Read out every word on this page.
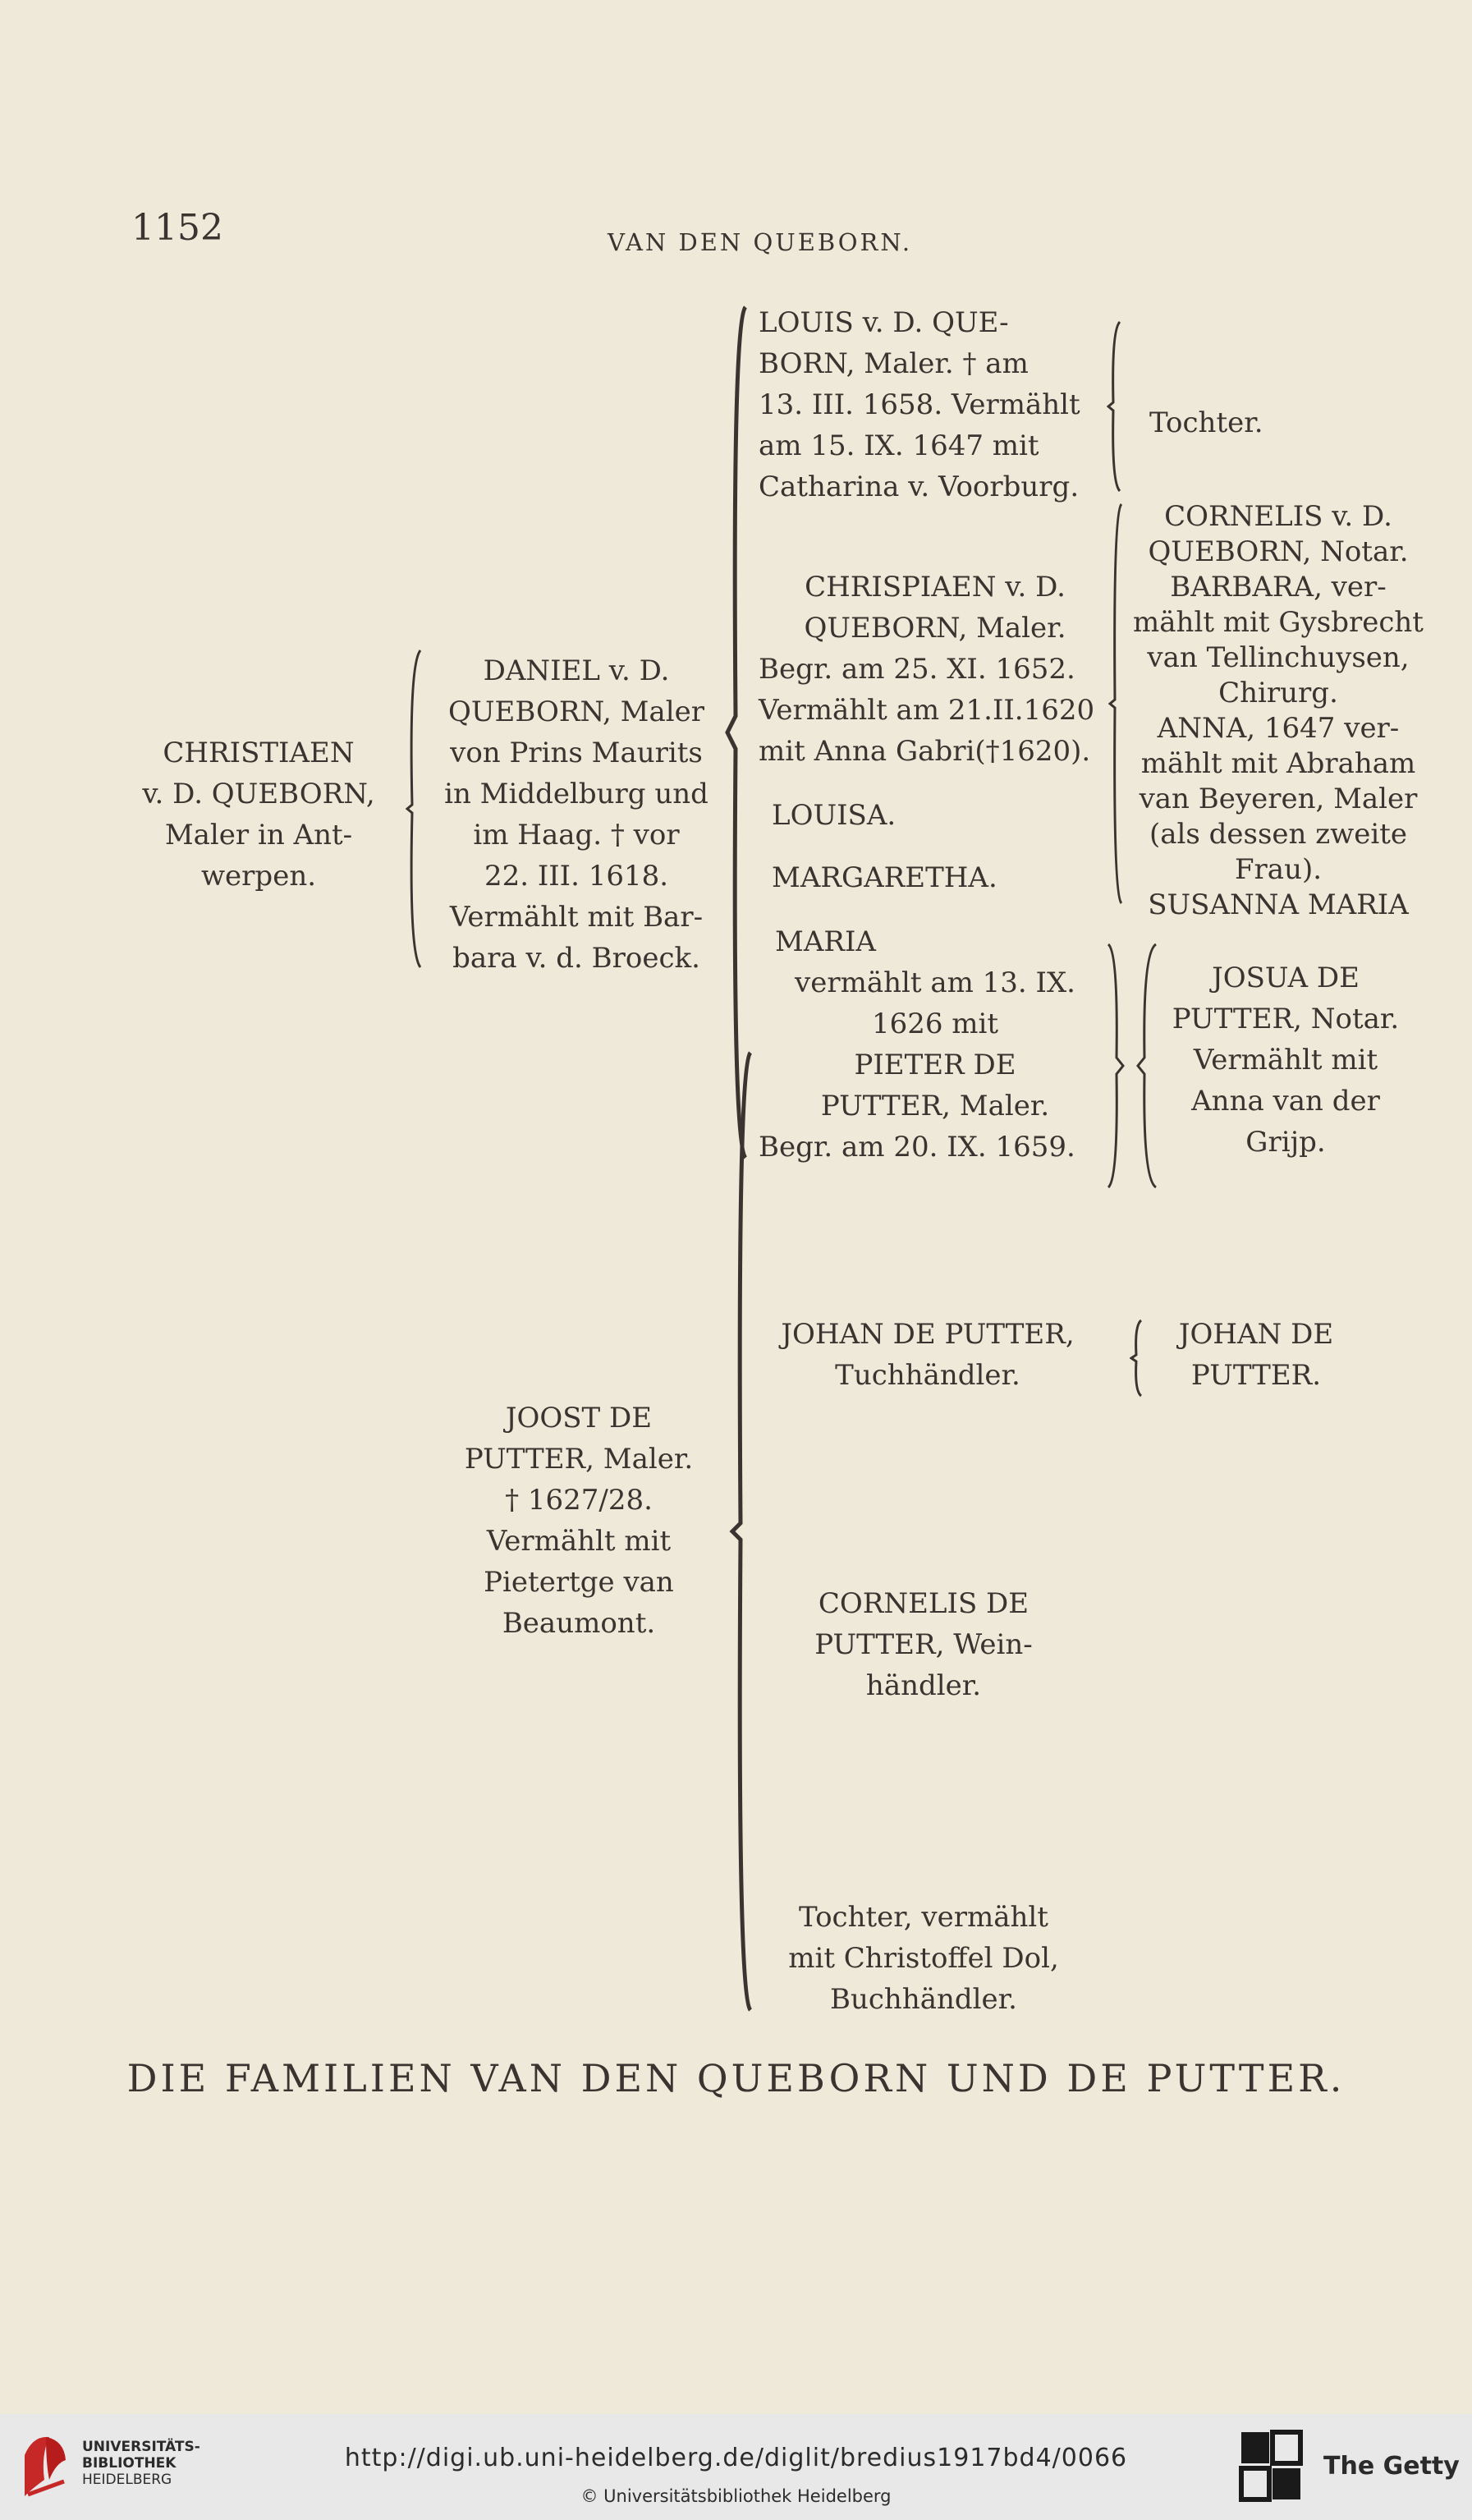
1152	VAN DEN QUEBORN.
CHRISTIAEN
v. D. QUEBORN,
Maler in Ant-
werpen.
DANIEL v. D.
QUEBORN, Maler
von Prins Maurits
in Middelburg und
im Haag. † vor
22. III. 1618.
Vermählt mit Bar-
bara v. d. Broeck.
LOUIS v. D. QUE-
BORN, Maler. † am
13. III. 1658. Vermählt
am 15. IX. 1647 mit
Catharina v. Voorburg.
Tochter.
CHRISPIAEN v. D.
QUEBORN, Maler.
Begr. am 25. XI. 1652.
Vermählt am 21.II.1620
mit Anna Gabri(†1620).
CORNELIS v. D.
QUEBORN, Notar.
BARBARA, ver-
mählt mit Gysbrecht
van Tellinchuysen,
Chirurg.
ANNA, 1647 ver-
mählt mit Abraham
van Beyeren, Maler
(als dessen zweite
Frau).
SUSANNA MARIA
LOUISA.
MARGARETHA.
MARIA
vermählt am 13. IX.
1626 mit
PIETER DE
PUTTER, Maler.
Begr. am 20. IX. 1659.
JOSUA DE
PUTTER, Notar.
Vermählt mit
Anna van der
Grijp.
JOOST DE
PUTTER, Maler.
† 1627/28.
Vermählt mit
Pietertge van
Beaumont.
JOHAN DE PUTTER,
Tuchhändler.
JOHAN DE
PUTTER.
CORNELIS DE
PUTTER, Wein-
händler.
Tochter, vermählt
mit Christoffel Dol,
Buchhändler.
DIE FAMILIEN VAN DEN QUEBORN UND DE PUTTER.
UNIVERSITÄTS-
BIBLIOTHEK
HEIDELBERG
http://digi.ub.uni-heidelberg.de/diglit/bredius1917bd4/0066
© Universitätsbibliothek Heidelberg
The Getty
